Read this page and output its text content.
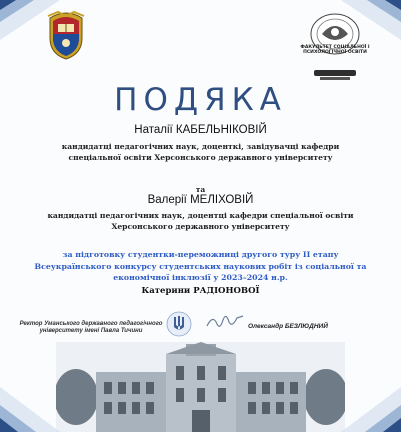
ФАКУЛЬТЕТ СОЦІАЛЬНОЇ І ПСИХОЛОГІЧНОЇ ОСВІТИ
ПОДЯКА
Наталії КАБЕЛЬНІКОВІЙ
кандидатці педагогічних наук, доценткі, завідувачці кафедри спеціальної освіти Херсонського державного університету
та
Валерії МЕЛІХОВІЙ
кандидатці педагогічних наук, доцентці кафедри спеціальної освіти Херсонського державного університету
за підготовку студентки-переможниці другого туру ІІ етапу Всеукраїнського конкурсу студентських наукових робіт із соціальної та економічної інклюзії у 2023–2024 н.р.
Катерини РАДІОНОВОЇ
Ректор Уманського державного педагогічного університету імені Павла Тичини
Олександр БЕЗЛЮДНИЙ
